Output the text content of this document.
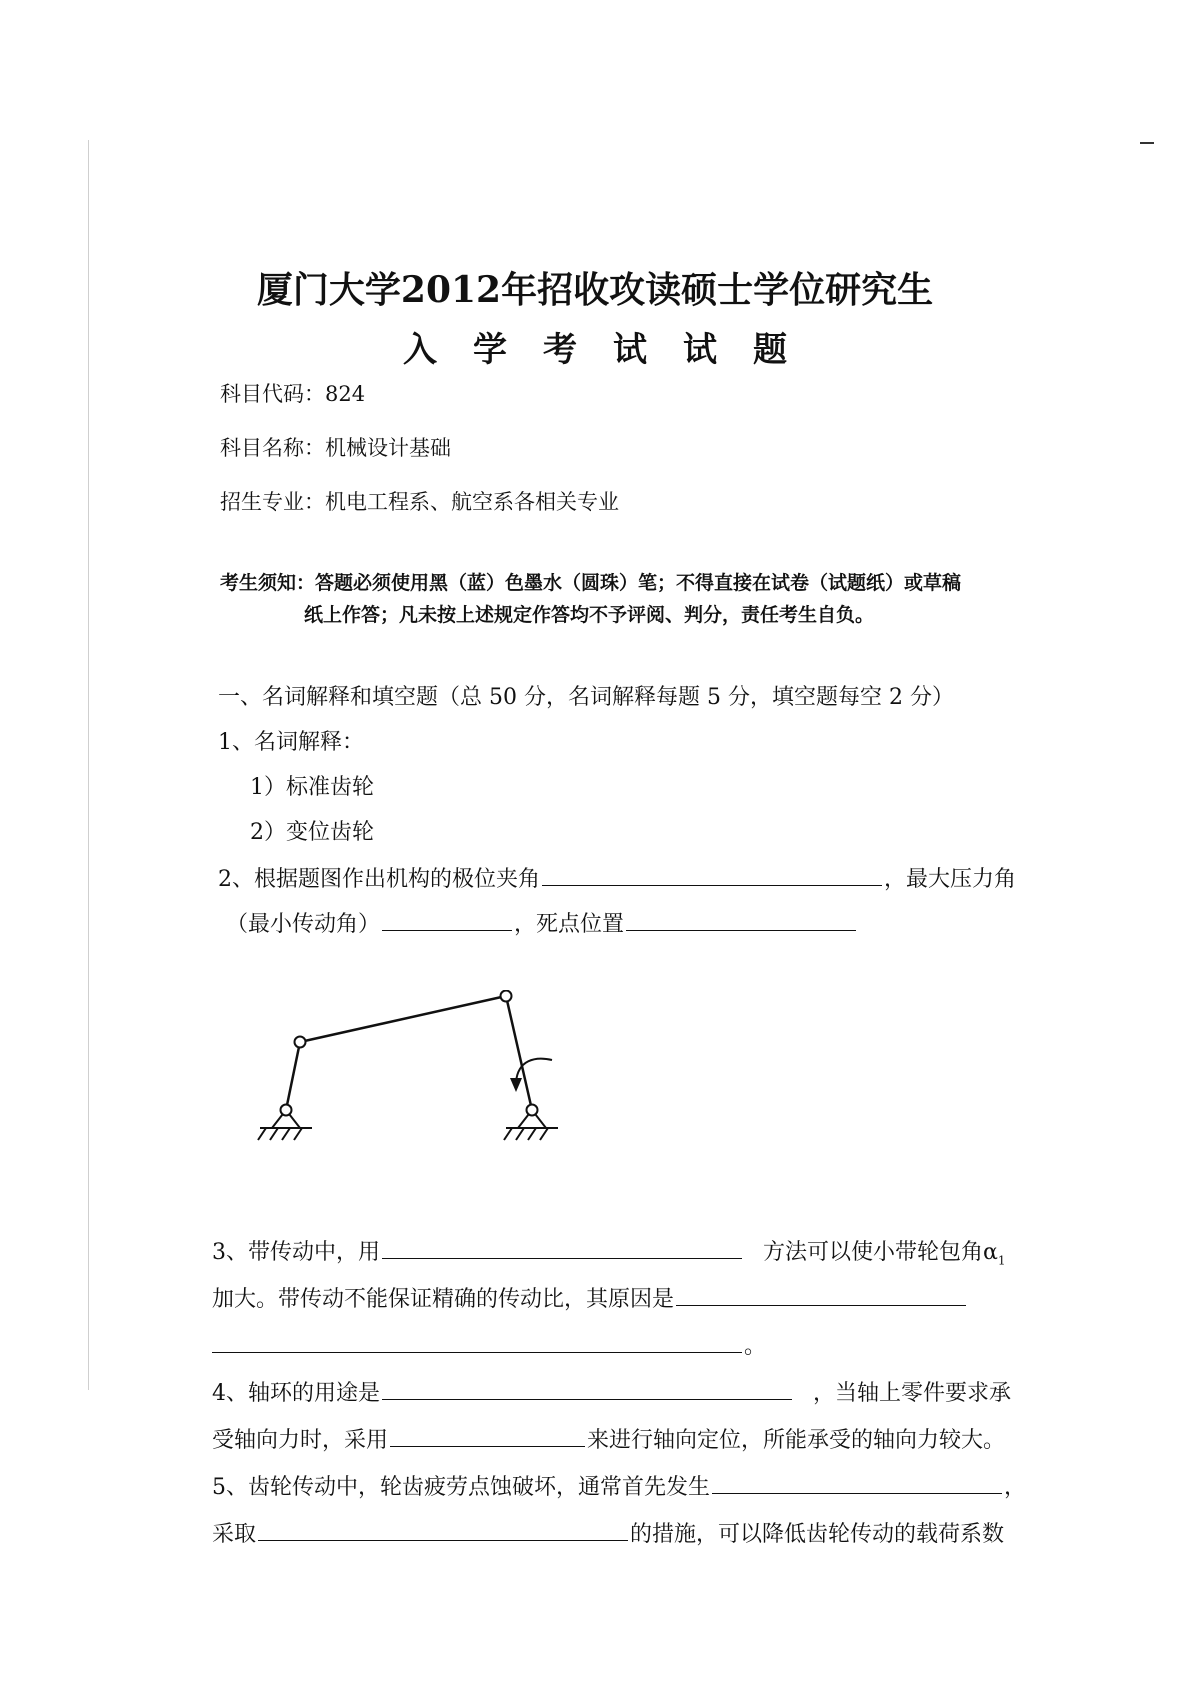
厦门大学2012年招收攻读硕士学位研究生
入学考试试题
科目代码：824
科目名称：机械设计基础
招生专业：机电工程系、航空系各相关专业
考生须知：答题必须使用黑（蓝）色墨水（圆珠）笔；不得直接在试卷（试题纸）或草稿
纸上作答；凡未按上述规定作答均不予评阅、判分，责任考生自负。
一、名词解释和填空题（总 50 分，名词解释每题 5 分，填空题每空 2 分）
1、名词解释：
1）标准齿轮
2）变位齿轮
2、根据题图作出机构的极位夹角	，最大压力角
（最小传动角）	，死点位置
3、带传动中，用	方法可以使小带轮包角$\alpha_1$
加大。带传动不能保证精确的传动比，其原因是
。
4、轴环的用途是	，当轴上零件要求承
受轴向力时，采用	来进行轴向定位，所能承受的轴向力较大。
5、齿轮传动中，轮齿疲劳点蚀破坏，通常首先发生	，
采取	的措施，可以降低齿轮传动的载荷系数
